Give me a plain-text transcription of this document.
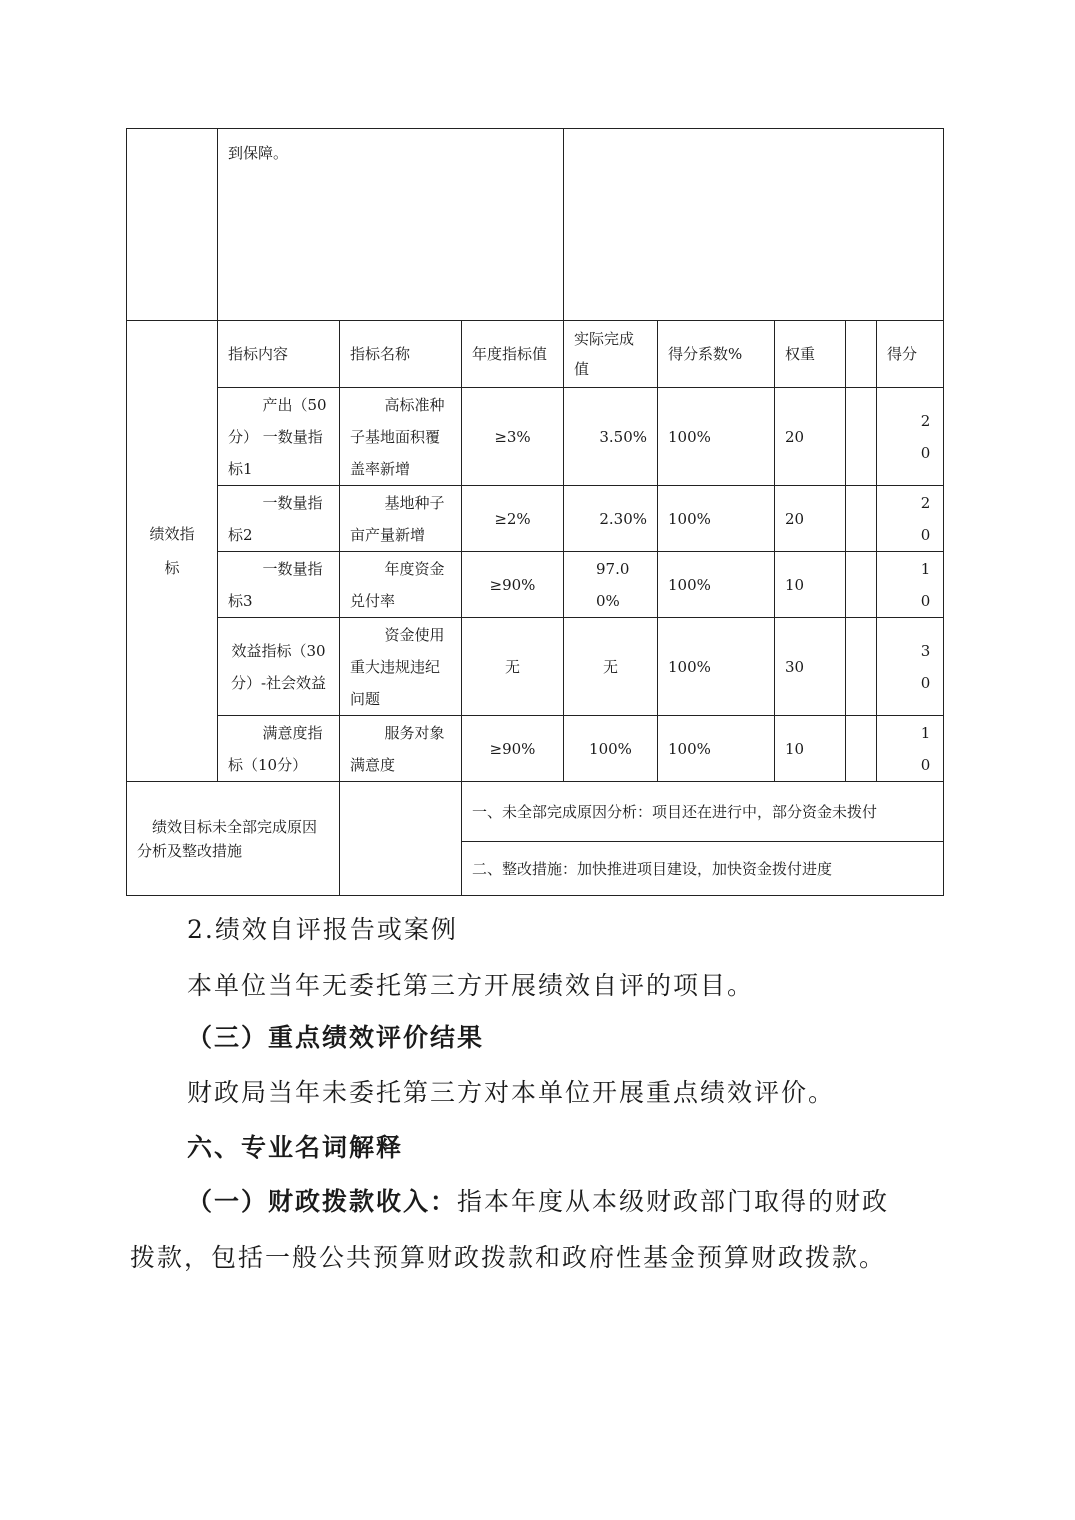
	到保障。							
绩效指标	指标内容	指标名称	年度指标值	实际完成值	得分系数%	权重		得分
	产出（50分） 一数量指标1	高标准种子基地面积覆盖率新增	≥3%	3.50%	100%	20		20
	一数量指标2	基地种子亩产量新增	≥2%	2.30%	100%	20		20
	一数量指标3	年度资金兑付率	≥90%	97.00%	100%	10		10
	效益指标（30分）-社会效益	资金使用重大违规违纪问题	无	无	100%	30		30
	满意度指标（10分）	服务对象满意度	≥90%	100%	100%	10		10

绩效目标未全部完成原因分析及整改措施			一、未全部完成原因分析：项目还在进行中，部分资金未拨付					
			二、整改措施：加快推进项目建设，加快资金拨付进度					
2.绩效自评报告或案例
本单位当年无委托第三方开展绩效自评的项目。
（三）重点绩效评价结果
财政局当年未委托第三方对本单位开展重点绩效评价。
六、专业名词解释
（一）财政拨款收入：指本年度从本级财政部门取得的财政
拨款，包括一般公共预算财政拨款和政府性基金预算财政拨款。
